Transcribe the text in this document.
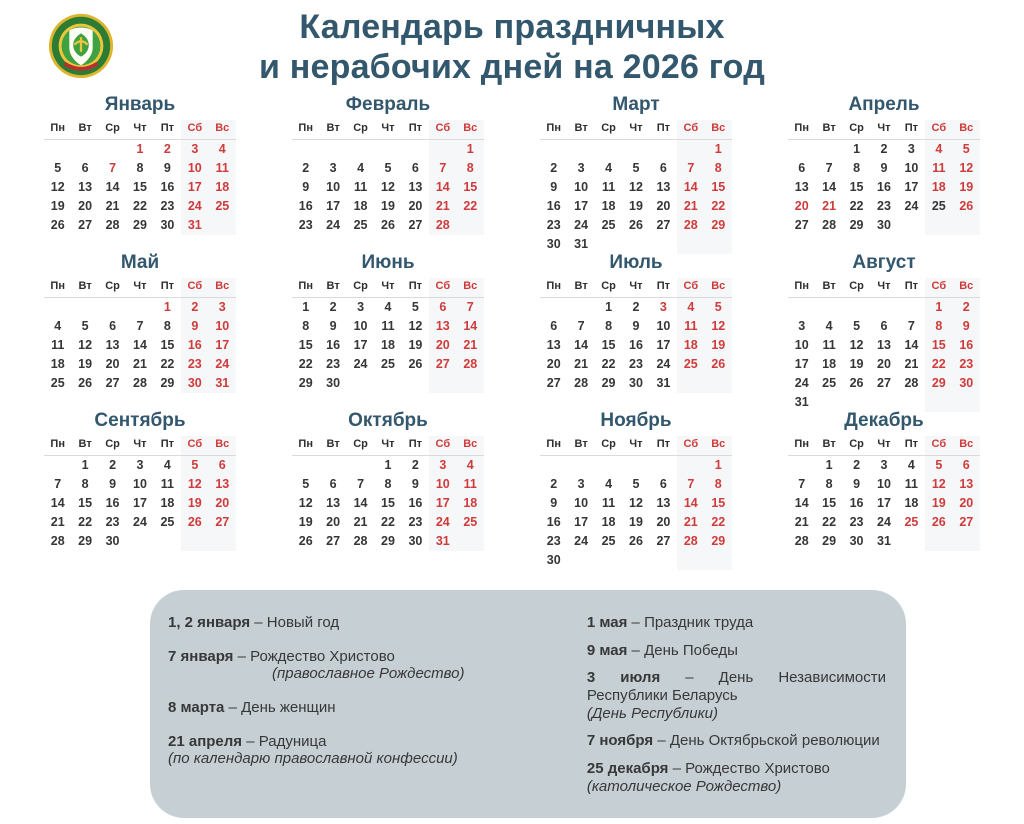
Календарь праздничных
и нерабочих дней на 2026 год
Январь
Пн	Вт	Ср	Чт	Пт	Сб	Вс
			1	2	3	4
5	6	7	8	9	10	11
12	13	14	15	16	17	18
19	20	21	22	23	24	25
26	27	28	29	30	31	
Февраль
Пн	Вт	Ср	Чт	Пт	Сб	Вс
						1
2	3	4	5	6	7	8
9	10	11	12	13	14	15
16	17	18	19	20	21	22
23	24	25	26	27	28	
Март
Пн	Вт	Ср	Чт	Пт	Сб	Вс
						1
2	3	4	5	6	7	8
9	10	11	12	13	14	15
16	17	18	19	20	21	22
23	24	25	26	27	28	29
30	31					
Апрель
Пн	Вт	Ср	Чт	Пт	Сб	Вс
		1	2	3	4	5
6	7	8	9	10	11	12
13	14	15	16	17	18	19
20	21	22	23	24	25	26
27	28	29	30			
Май
Пн	Вт	Ср	Чт	Пт	Сб	Вс
				1	2	3
4	5	6	7	8	9	10
11	12	13	14	15	16	17
18	19	20	21	22	23	24
25	26	27	28	29	30	31
Июнь
Пн	Вт	Ср	Чт	Пт	Сб	Вс
1	2	3	4	5	6	7
8	9	10	11	12	13	14
15	16	17	18	19	20	21
22	23	24	25	26	27	28
29	30					
Июль
Пн	Вт	Ср	Чт	Пт	Сб	Вс
		1	2	3	4	5
6	7	8	9	10	11	12
13	14	15	16	17	18	19
20	21	22	23	24	25	26
27	28	29	30	31		
Август
Пн	Вт	Ср	Чт	Пт	Сб	Вс
					1	2
3	4	5	6	7	8	9
10	11	12	13	14	15	16
17	18	19	20	21	22	23
24	25	26	27	28	29	30
31						
Сентябрь
Пн	Вт	Ср	Чт	Пт	Сб	Вс
	1	2	3	4	5	6
7	8	9	10	11	12	13
14	15	16	17	18	19	20
21	22	23	24	25	26	27
28	29	30				
Октябрь
Пн	Вт	Ср	Чт	Пт	Сб	Вс
			1	2	3	4
5	6	7	8	9	10	11
12	13	14	15	16	17	18
19	20	21	22	23	24	25
26	27	28	29	30	31	
Ноябрь
Пн	Вт	Ср	Чт	Пт	Сб	Вс
						1
2	3	4	5	6	7	8
9	10	11	12	13	14	15
16	17	18	19	20	21	22
23	24	25	26	27	28	29
30						
Декабрь
Пн	Вт	Ср	Чт	Пт	Сб	Вс
	1	2	3	4	5	6
7	8	9	10	11	12	13
14	15	16	17	18	19	20
21	22	23	24	25	26	27
28	29	30	31			

1, 2 января – Новый год

7 января – Рождество Христово
(православное Рождество)

8 марта – День женщин

21 апреля – Радуница
(по календарю православной конфессии)

1 мая – Праздник труда

9 мая – День Победы

3 июля – День Независимости Республики Беларусь
(День Республики)

7 ноября – День Октябрьской революции

25 декабря – Рождество Христово
(католическое Рождество)
